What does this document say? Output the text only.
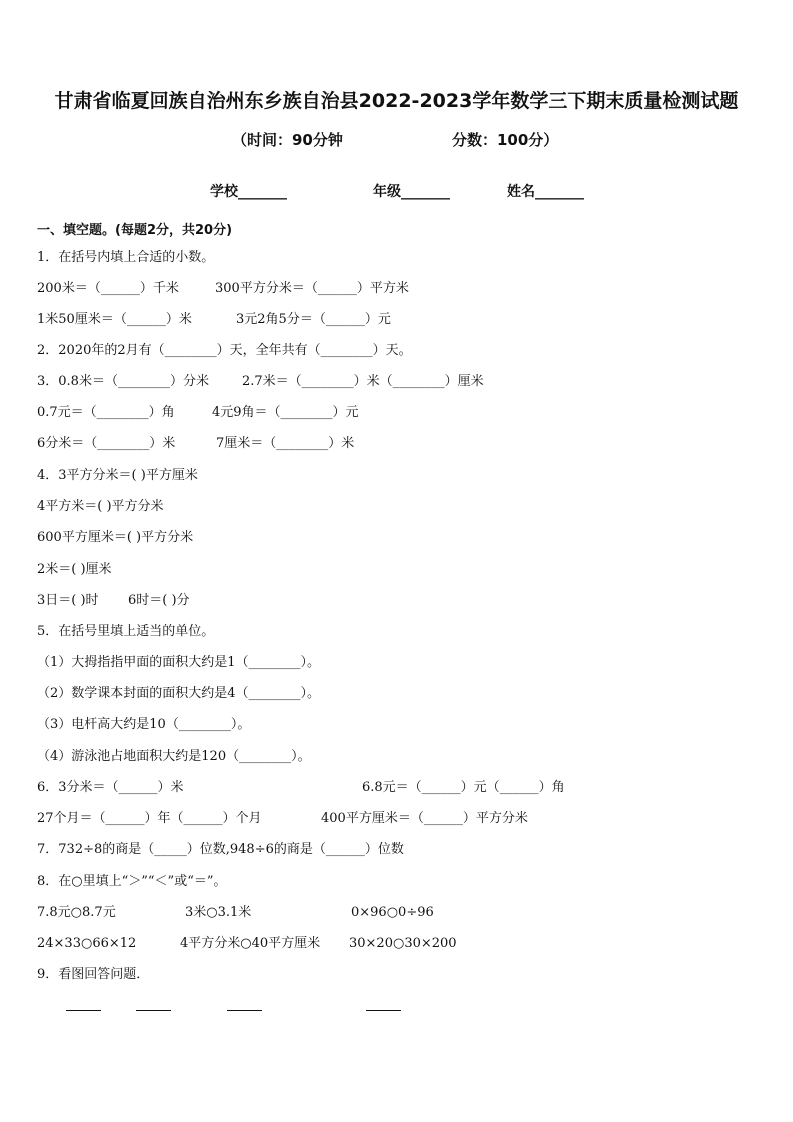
甘肃省临夏回族自治州东乡族自治县2022-2023学年数学三下期末质量检测试题
（时间：90分钟	分数：100分）
学校_______	年级_______	姓名_______
一、填空题。(每题2分，共20分)
1．在括号内填上合适的小数。
200米＝（______）千米	300平方分米＝（______）平方米
1米50厘米＝（______）米	3元2角5分＝（______）元
2．2020年的2月有（________）天，全年共有（________）天。
3．0.8米＝（________）分米	2.7米＝（________）米（________）厘米
0.7元＝（________）角	4元9角＝（________）元
6分米＝（________）米	7厘米＝（________）米
4．3平方分米＝( )平方厘米
4平方米＝( )平方分米
600平方厘米＝( )平方分米
2米＝( )厘米
3日＝( )时 6时＝( )分
5．在括号里填上适当的单位。
（1）大拇指指甲面的面积大约是1（________）。
（2）数学课本封面的面积大约是4（________）。
（3）电杆高大约是10（________）。
（4）游泳池占地面积大约是120（________）。
6．3分米＝（______）米	6.8元＝（______）元（______）角
27个月＝（______）年（______）个月	400平方厘米＝（______）平方分米
7．732÷8的商是（_____）位数,948÷6的商是（______）位数
8．在○里填上“＞”“＜”或“＝”。
7.8元○8.7元	3米○3.1米	0×96○0÷96
24×33○66×12	4平方分米○40平方厘米 30×20○30×200
9．看图回答问题．
